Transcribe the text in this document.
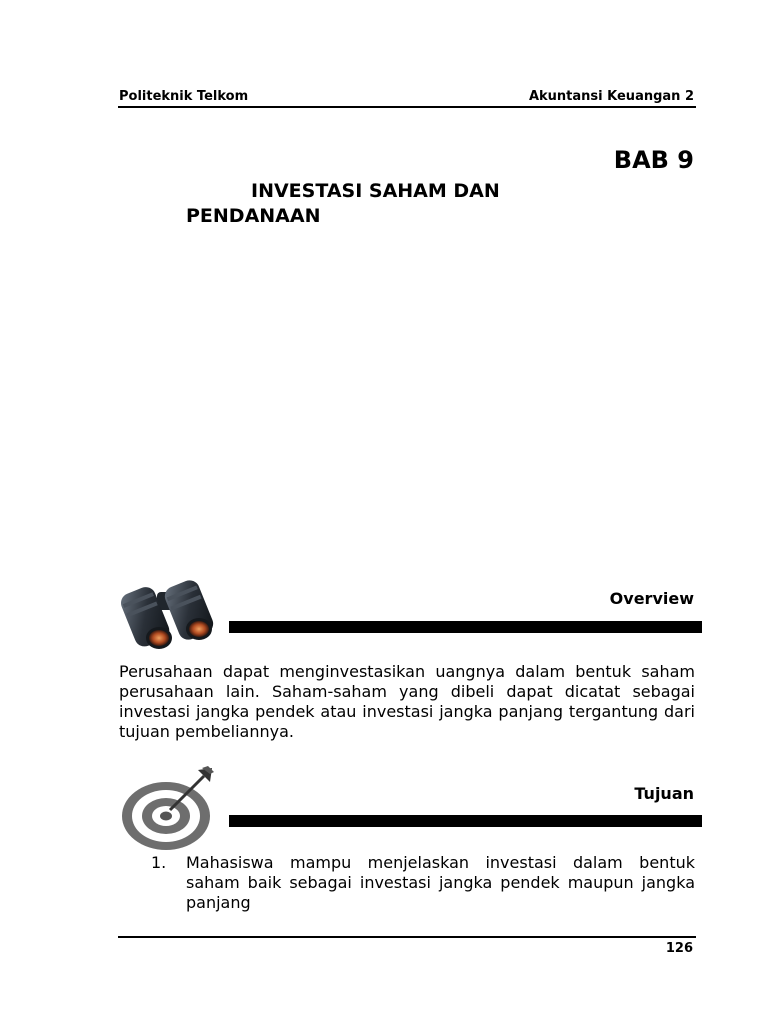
Politeknik Telkom	Akuntansi Keuangan 2
BAB 9
INVESTASI SAHAM DAN
PENDANAAN
Overview
Perusahaan dapat menginvestasikan uangnya dalam bentuk saham perusahaan lain. Saham-saham yang dibeli dapat dicatat sebagai investasi jangka pendek atau investasi jangka panjang tergantung dari tujuan pembeliannya.
Tujuan
1. Mahasiswa mampu menjelaskan investasi dalam bentuk saham baik sebagai investasi jangka pendek maupun jangka panjang
126
